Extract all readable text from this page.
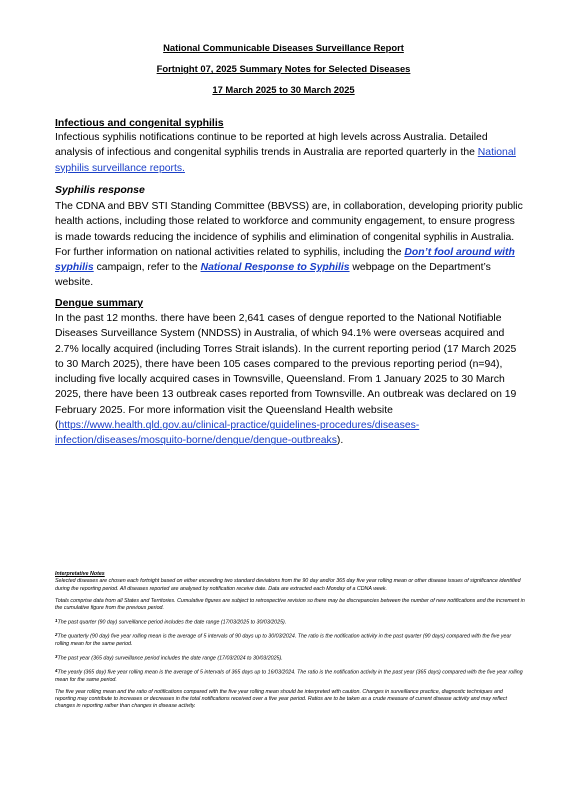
National Communicable Diseases Surveillance Report
Fortnight 07, 2025 Summary Notes for Selected Diseases
17 March 2025 to 30 March 2025
Infectious and congenital syphilis
Infectious syphilis notifications continue to be reported at high levels across Australia. Detailed analysis of infectious and congenital syphilis trends in Australia are reported quarterly in the National syphilis surveillance reports.
Syphilis response
The CDNA and BBV STI Standing Committee (BBVSS) are, in collaboration, developing priority public health actions, including those related to workforce and community engagement, to ensure progress is made towards reducing the incidence of syphilis and elimination of congenital syphilis in Australia. For further information on national activities related to syphilis, including the Don’t fool around with syphilis campaign, refer to the National Response to Syphilis webpage on the Department’s website.
Dengue summary
In the past 12 months. there have been 2,641 cases of dengue reported to the National Notifiable Diseases Surveillance System (NNDSS) in Australia, of which 94.1% were overseas acquired and 2.7% locally acquired (including Torres Strait islands). In the current reporting period (17 March 2025 to 30 March 2025), there have been 105 cases compared to the previous reporting period (n=94), including five locally acquired cases in Townsville, Queensland. From 1 January 2025 to 30 March 2025, there have been 13 outbreak cases reported from Townsville. An outbreak was declared on 19 February 2025. For more information visit the Queensland Health website (https://www.health.qld.gov.au/clinical-practice/guidelines-procedures/diseases-infection/diseases/mosquito-borne/dengue/dengue-outbreaks).

Interpretative Notes

Selected diseases are chosen each fortnight based on either exceeding two standard deviations from the 90 day and/or 365 day five year rolling mean or other disease issues of significance identified during the reporting period. All diseases reported are analysed by notification receive date. Data are extracted each Monday of a CDNA week.

Totals comprise data from all States and Territories. Cumulative figures are subject to retrospective revision so there may be discrepancies between the number of new notifications and the increment in the cumulative figure from the previous period.

$^1$The past quarter (90 day) surveillance period includes the date range (17/03/2025 to 30/03/2025).

$^2$The quarterly (90 day) five year rolling mean is the average of 5 intervals of 90 days up to 30/03/2024. The ratio is the notification activity in the past quarter (90 days) compared with the five year rolling mean for the same period.

$^3$The past year (365 day) surveillance period includes the date range (17/03/2024 to 30/03/2025).

$^4$The yearly (365 day) five year rolling mean is the average of 5 intervals of 365 days up to 16/03/2024. The ratio is the notification activity in the past year (365 days) compared with the five year rolling mean for the same period.

The five year rolling mean and the ratio of notifications compared with the five year rolling mean should be interpreted with caution. Changes in surveillance practice, diagnostic techniques and reporting may contribute to increases or decreases in the total notifications received over a five year period. Ratios are to be taken as a crude measure of current disease activity and may reflect changes in reporting rather than changes in disease activity.
